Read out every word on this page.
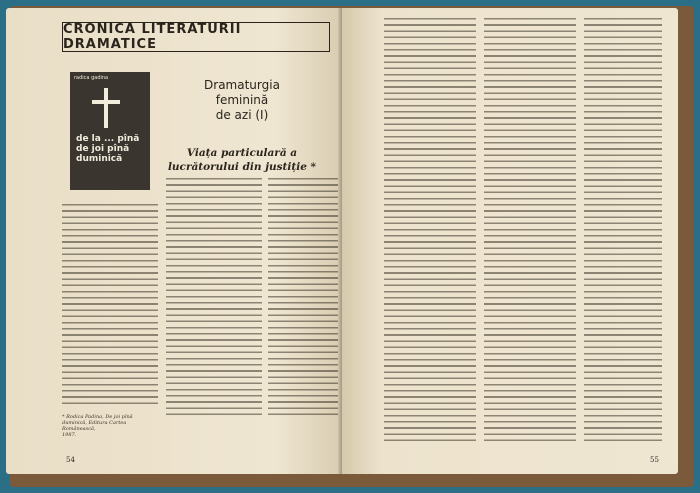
CRONICA LITERATURII DRAMATICE
radica gadina
de la ... pînă
de joi pînă
duminică
Dramaturgia
feminină
de azi (I)
Viața particulară a
lucrătorului din justiție *
* Rodica Padina, De joi pînă
duminică, Editura Cartea Românească,
1987.
54	55
